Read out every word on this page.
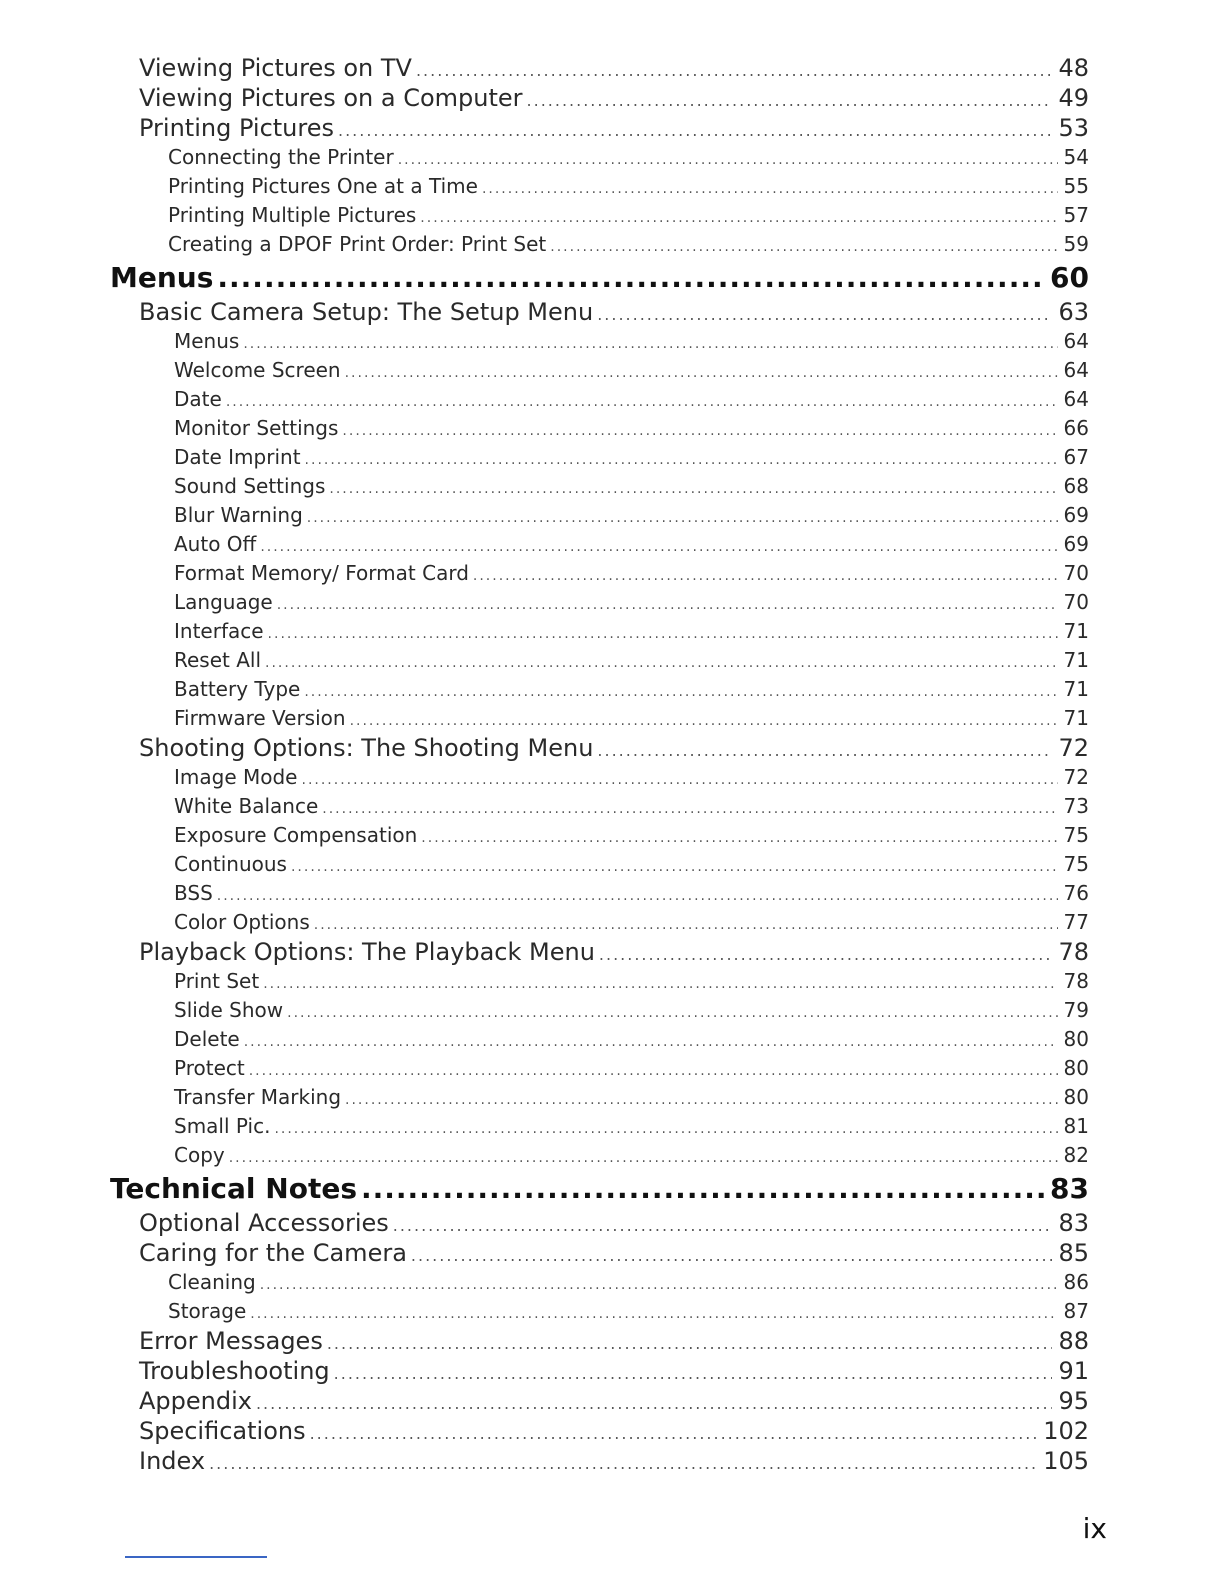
Viewing Pictures on TV .....	48
Viewing Pictures on a Computer .....	49
Printing Pictures .....	53
Connecting the Printer .....	54
Printing Pictures One at a Time .....	55
Printing Multiple Pictures .....	57
Creating a DPOF Print Order: Print Set .....	59
Menus .....	60
Basic Camera Setup: The Setup Menu .....	63
Menus .....	64
Welcome Screen .....	64
Date .....	64
Monitor Settings .....	66
Date Imprint .....	67
Sound Settings .....	68
Blur Warning .....	69
Auto Off .....	69
Format Memory/ Format Card .....	70
Language .....	70
Interface .....	71
Reset All .....	71
Battery Type .....	71
Firmware Version .....	71
Shooting Options: The Shooting Menu .....	72
Image Mode .....	72
White Balance .....	73
Exposure Compensation .....	75
Continuous .....	75
BSS .....	76
Color Options .....	77
Playback Options: The Playback Menu .....	78
Print Set .....	78
Slide Show .....	79
Delete .....	80
Protect .....	80
Transfer Marking .....	80
Small Pic. .....	81
Copy .....	82
Technical Notes .....	83
Optional Accessories .....	83
Caring for the Camera .....	85
Cleaning .....	86
Storage .....	87
Error Messages .....	88
Troubleshooting .....	91
Appendix .....	95
Specifications .....	102
Index .....	105
ix
